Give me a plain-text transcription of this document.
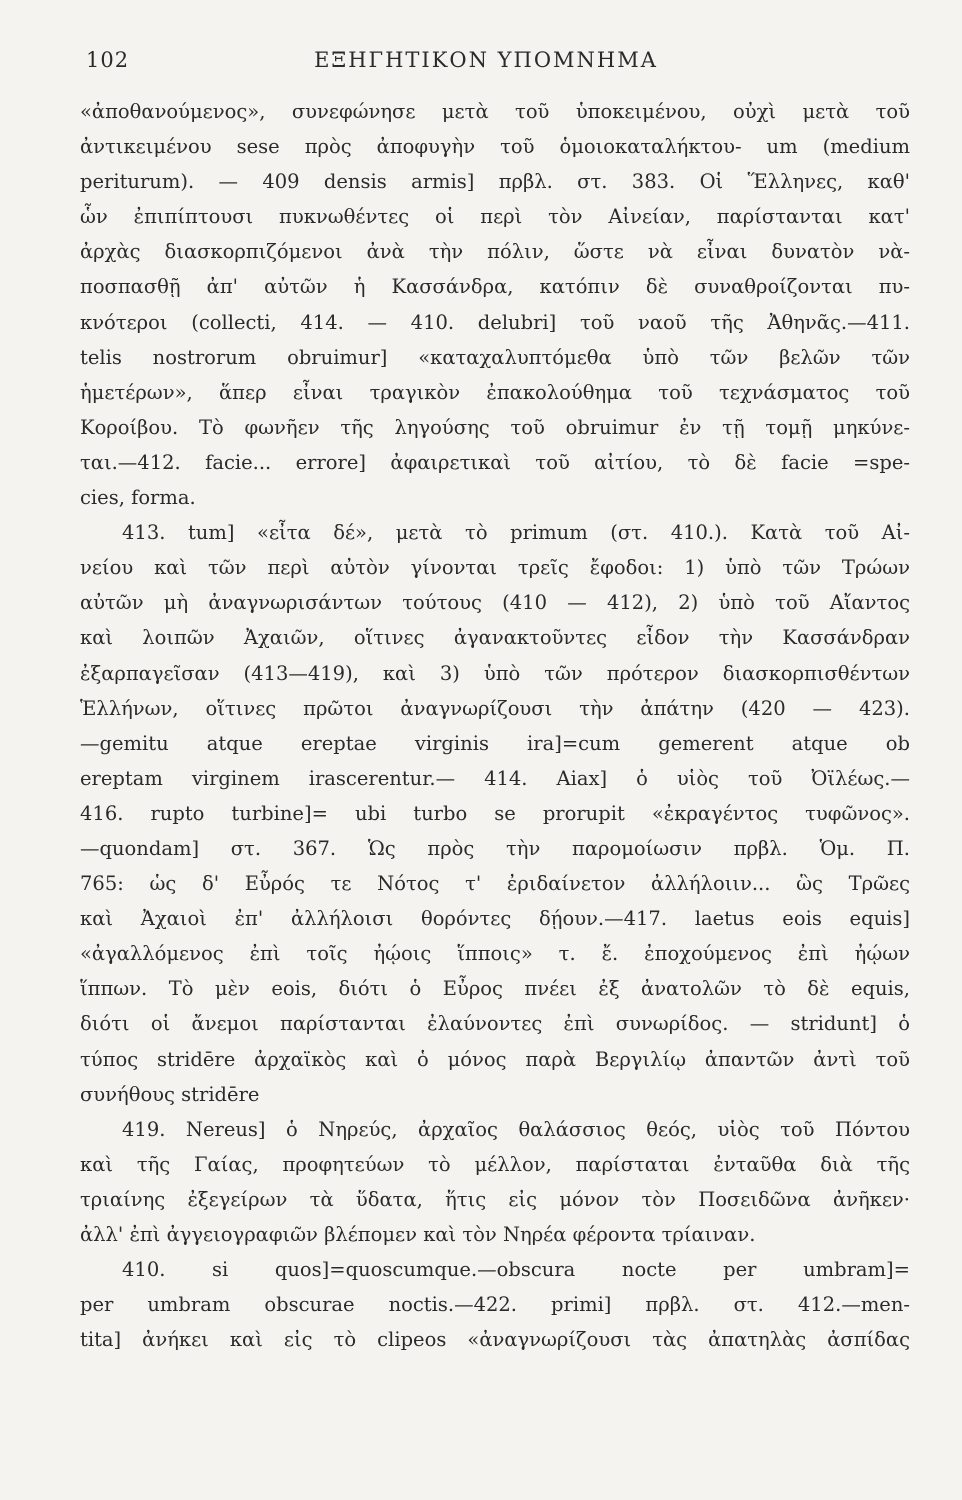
102	ΕΞΗΓΗΤΙΚΟΝ ΥΠΟΜΝΗΜΑ
«ἀποθανούμενος», συνεφώνησε μετὰ τοῦ ὑποκειμένου, οὐχὶ μετὰ τοῦ
ἀντικειμένου sese πρὸς ἀποφυγὴν τοῦ ὁμοιοκαταλήκτου- um (medium
periturum). — 409 densis armis] πρβλ. στ. 383. Οἱ Ἕλληνες, καθ'
ὧν ἐπιπίπτουσι πυκνωθέντες οἱ περὶ τὸν Αἰνείαν, παρίστανται κατ'
ἀρχὰς διασκορπιζόμενοι ἀνὰ τὴν πόλιν, ὥστε νὰ εἶναι δυνατὸν νὰ-
ποσπασθῇ ἀπ' αὐτῶν ἡ Κασσάνδρα, κατόπιν δὲ συναθροίζονται πυ-
κνότεροι (collecti, 414. — 410. delubri] τοῦ ναοῦ τῆς Ἀθηνᾶς.—411.
telis nostrorum obruimur] «καταχαλυπτόμεθα ὑπὸ τῶν βελῶν τῶν
ἡμετέρων», ἅπερ εἶναι τραγικὸν ἐπακολούθημα τοῦ τεχνάσματος τοῦ
Κοροίβου. Τὸ φωνῆεν τῆς ληγούσης τοῦ obruimur ἐν τῇ τομῇ μηκύνε-
ται.—412. facie... errore] ἀφαιρετικαὶ τοῦ αἰτίου, τὸ δὲ facie =spe-
cies, forma.
413. tum] «εἶτα δέ», μετὰ τὸ primum (στ. 410.). Κατὰ τοῦ Αἰ-
νείου καὶ τῶν περὶ αὐτὸν γίνονται τρεῖς ἔφοδοι: 1) ὑπὸ τῶν Τρώων
αὐτῶν μὴ ἀναγνωρισάντων τούτους (410 — 412), 2) ὑπὸ τοῦ Αἴαντος
καὶ λοιπῶν Ἀχαιῶν, οἵτινες ἀγανακτοῦντες εἶδον τὴν Κασσάνδραν
ἐξαρπαγεῖσαν (413—419), καὶ 3) ὑπὸ τῶν πρότερον διασκορπισθέντων
Ἑλλήνων, οἵτινες πρῶτοι ἀναγνωρίζουσι τὴν ἀπάτην (420 — 423).
—gemitu atque ereptae virginis ira]=cum gemerent atque ob
ereptam virginem irascerentur.— 414. Aiax] ὁ υἱὸς τοῦ Ὀϊλέως.—
416. rupto turbine]= ubi turbo se prorupit «ἐκραγέντος τυφῶνος».
—quondam] στ. 367. Ὡς πρὸς τὴν παρομοίωσιν πρβλ. Ὁμ. Π.
765: ὡς δ' Εὖρός τε Νότος τ' ἐριδαίνετον ἀλλήλοιιν... ὣς Τρῶες
καὶ Ἀχαιοὶ ἐπ' ἀλλήλοισι θορόντες δῄουν.—417. laetus eois equis]
«ἀγαλλόμενος ἐπὶ τοῖς ἠῴοις ἵπποις» τ. ἔ. ἐποχούμενος ἐπὶ ἠῴων
ἵππων. Τὸ μὲν eois, διότι ὁ Εὖρος πνέει ἐξ ἀνατολῶν τὸ δὲ equis,
διότι οἱ ἄνεμοι παρίστανται ἐλαύνοντες ἐπὶ συνωρίδος. — stridunt] ὁ
τύπος stridēre ἀρχαϊκὸς καὶ ὁ μόνος παρὰ Βεργιλίῳ ἀπαντῶν ἀντὶ τοῦ
συνήθους stridēre
419. Nereus] ὁ Νηρεύς, ἀρχαῖος θαλάσσιος θεός, υἱὸς τοῦ Πόντου
καὶ τῆς Γαίας, προφητεύων τὸ μέλλον, παρίσταται ἐνταῦθα διὰ τῆς
τριαίνης ἐξεγείρων τὰ ὕδατα, ἥτις εἰς μόνον τὸν Ποσειδῶνα ἀνῆκεν·
ἀλλ' ἐπὶ ἀγγειογραφιῶν βλέπομεν καὶ τὸν Νηρέα φέροντα τρίαιναν.
410. si quos]=quoscumque.—obscura nocte per umbram]=
per umbram obscurae noctis.—422. primi] πρβλ. στ. 412.—men-
tita] ἀνήκει καὶ εἰς τὸ clipeos «ἀναγνωρίζουσι τὰς ἀπατηλὰς ἀσπίδας
